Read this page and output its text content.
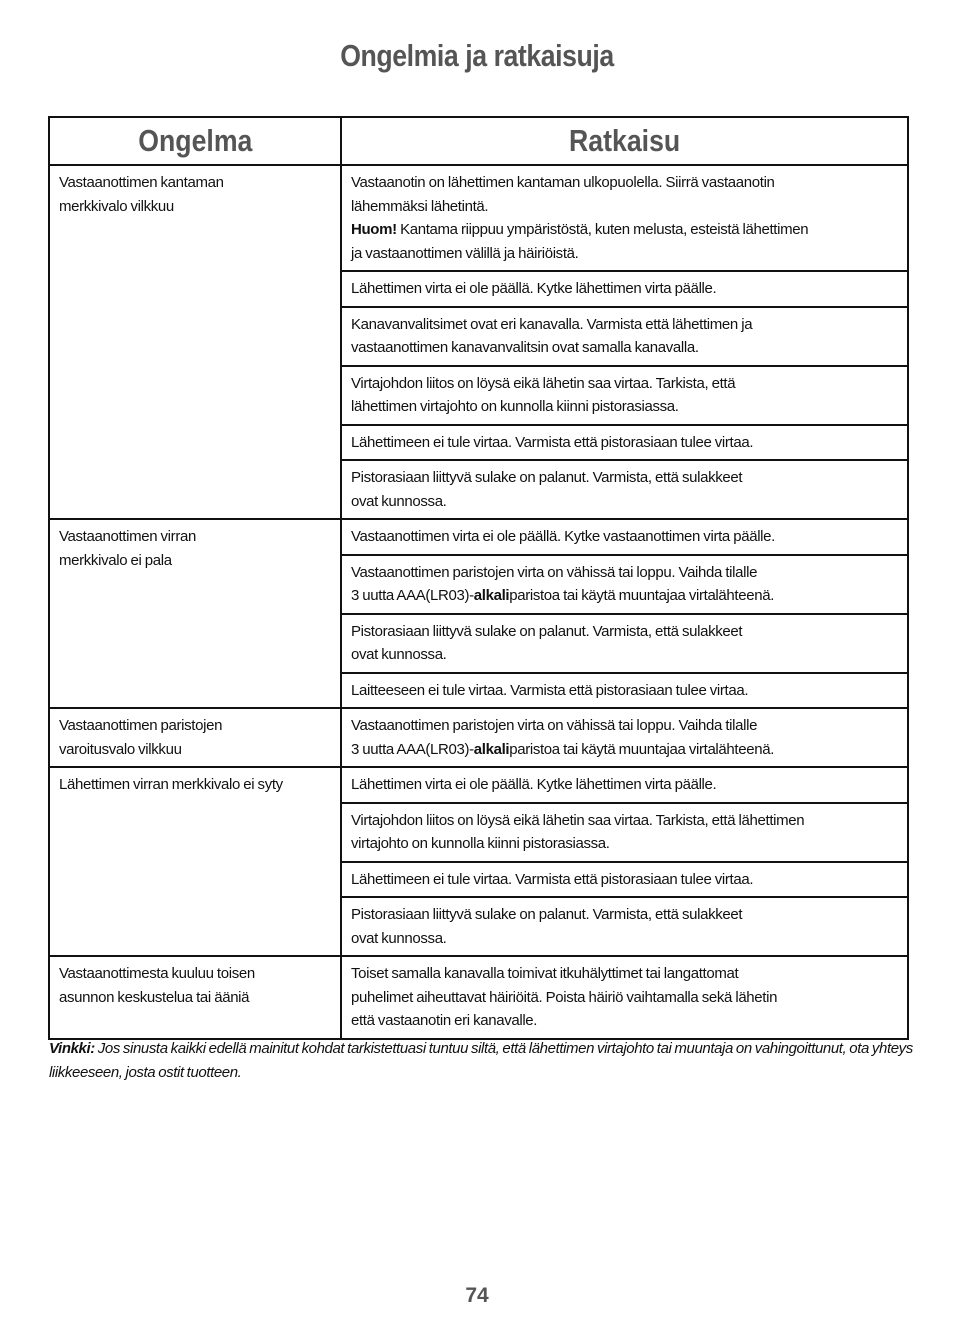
Ongelmia ja ratkaisuja
Ongelma	Ratkaisu
Vastaanottimen kantaman
merkkivalo vilkkuu	Vastaanotin on lähettimen kantaman ulkopuolella. Siirrä vastaanotin
lähemmäksi lähetintä.
Huom! Kantama riippuu ympäristöstä, kuten melusta, esteistä lähettimen
ja vastaanottimen välillä ja häiriöistä.
	Lähettimen virta ei ole päällä. Kytke lähettimen virta päälle.
	Kanavanvalitsimet ovat eri kanavalla. Varmista että lähettimen ja
vastaanottimen kanavanvalitsin ovat samalla kanavalla.
	Virtajohdon liitos on löysä eikä lähetin saa virtaa. Tarkista, että
lähettimen virtajohto on kunnolla kiinni pistorasiassa.
	Lähettimeen ei tule virtaa. Varmista että pistorasiaan tulee virtaa.
	Pistorasiaan liittyvä sulake on palanut. Varmista, että sulakkeet
ovat kunnossa.
Vastaanottimen virran
merkkivalo ei pala	Vastaanottimen virta ei ole päällä. Kytke vastaanottimen virta päälle.
	Vastaanottimen paristojen virta on vähissä tai loppu. Vaihda tilalle
3 uutta AAA(LR03)-alkaliparistoa tai käytä muuntajaa virtalähteenä.
	Pistorasiaan liittyvä sulake on palanut. Varmista, että sulakkeet
ovat kunnossa.
	Laitteeseen ei tule virtaa. Varmista että pistorasiaan tulee virtaa.
Vastaanottimen paristojen
varoitusvalo vilkkuu	Vastaanottimen paristojen virta on vähissä tai loppu. Vaihda tilalle
3 uutta AAA(LR03)-alkaliparistoa tai käytä muuntajaa virtalähteenä.
Lähettimen virran merkkivalo ei syty	Lähettimen virta ei ole päällä. Kytke lähettimen virta päälle.
	Virtajohdon liitos on löysä eikä lähetin saa virtaa. Tarkista, että lähettimen
virtajohto on kunnolla kiinni pistorasiassa.
	Lähettimeen ei tule virtaa. Varmista että pistorasiaan tulee virtaa.
	Pistorasiaan liittyvä sulake on palanut. Varmista, että sulakkeet
ovat kunnossa.
Vastaanottimesta kuuluu toisen
asunnon keskustelua tai ääniä	Toiset samalla kanavalla toimivat itkuhälyttimet tai langattomat
puhelimet aiheuttavat häiriöitä. Poista häiriö vaihtamalla sekä lähetin
että vastaanotin eri kanavalle.
Vinkki: Jos sinusta kaikki edellä mainitut kohdat tarkistettuasi tuntuu siltä, että lähettimen virtajohto tai muuntaja on vahingoittunut, ota yhteys liikkeeseen, josta ostit tuotteen.
74
